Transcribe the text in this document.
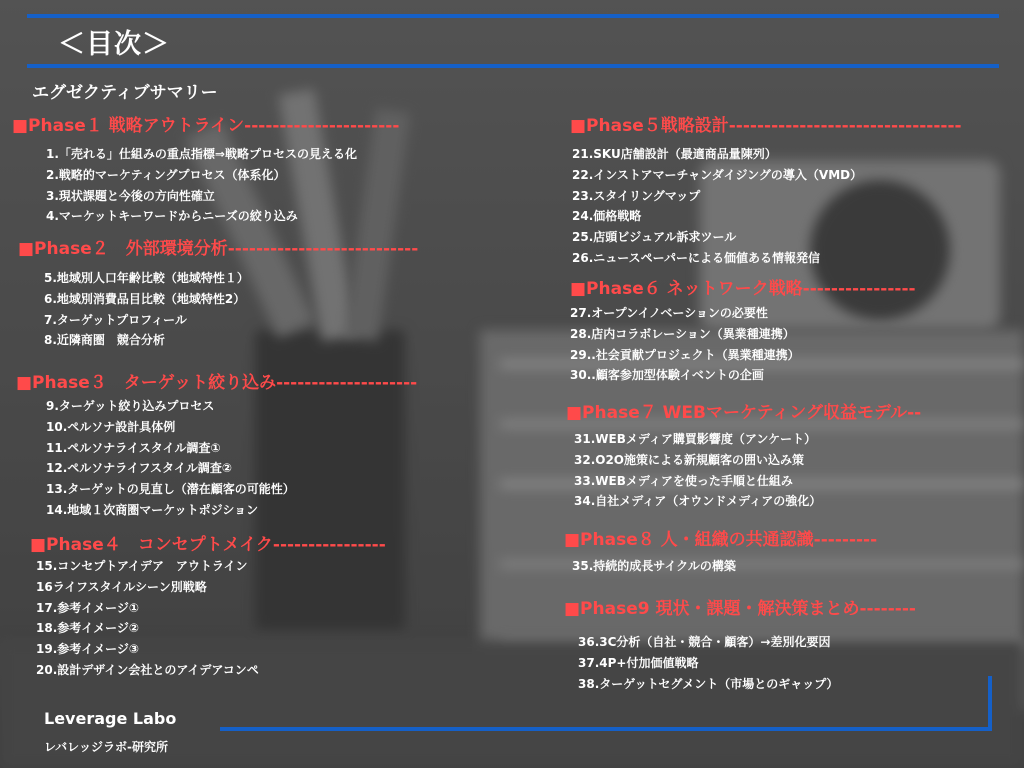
＜目次＞
エグゼクティブサマリー
■Phase１ 戦略アウトライン----------------------
1.「売れる」仕組みの重点指標⇒戦略プロセスの見える化
2.戦略的マーケティングプロセス（体系化）
3.現状課題と今後の方向性確立
4.マーケットキーワードからニーズの絞り込み
■Phase２　外部環境分析---------------------------
5.地域別人口年齢比較（地域特性１）
6.地域別消費品目比較（地域特性2）
7.ターゲットプロフィール
8.近隣商圏　競合分析
■Phase３　ターゲット絞り込み--------------------
9.ターゲット絞り込みプロセス
10.ペルソナ設計具体例
11.ペルソナライスタイル調査①
12.ペルソナライフスタイル調査②
13.ターゲットの見直し（潜在顧客の可能性）
14.地域１次商圏マーケットポジション
■Phase４　コンセプトメイク----------------
15.コンセプトアイデア　アウトライン
16ライフスタイルシーン別戦略
17.参考イメージ①
18.参考イメージ②
19.参考イメージ③
20.設計デザイン会社とのアイデアコンペ
■Phase５戦略設計---------------------------------
21.SKU店舗設計（最適商品量陳列）
22.インストアマーチャンダイジングの導入（VMD）
23.スタイリングマップ
24.価格戦略
25.店頭ビジュアル訴求ツール
26.ニュースペーパーによる価値ある情報発信
■Phase６ ネットワーク戦略----------------
27.オープンイノベーションの必要性
28.店内コラボレーション（異業種連携）
29..社会貢献プロジェクト（異業種連携）
30..顧客参加型体験イベントの企画
■Phase７ WEBマーケティング収益モデル--
31.WEBメディア購買影響度（アンケート）
32.O2O施策による新規顧客の囲い込み策
33.WEBメディアを使った手順と仕組み
34.自社メディア（オウンドメディアの強化）
■Phase８ 人・組織の共通認識---------
35.持続的成長サイクルの構築
■Phase9 現状・課題・解決策まとめ--------
36.3C分析（自社・競合・顧客）→差別化要因
37.4P+付加価値戦略
38.ターゲットセグメント（市場とのギャップ）
Leverage Labo
レバレッジラボ-研究所
